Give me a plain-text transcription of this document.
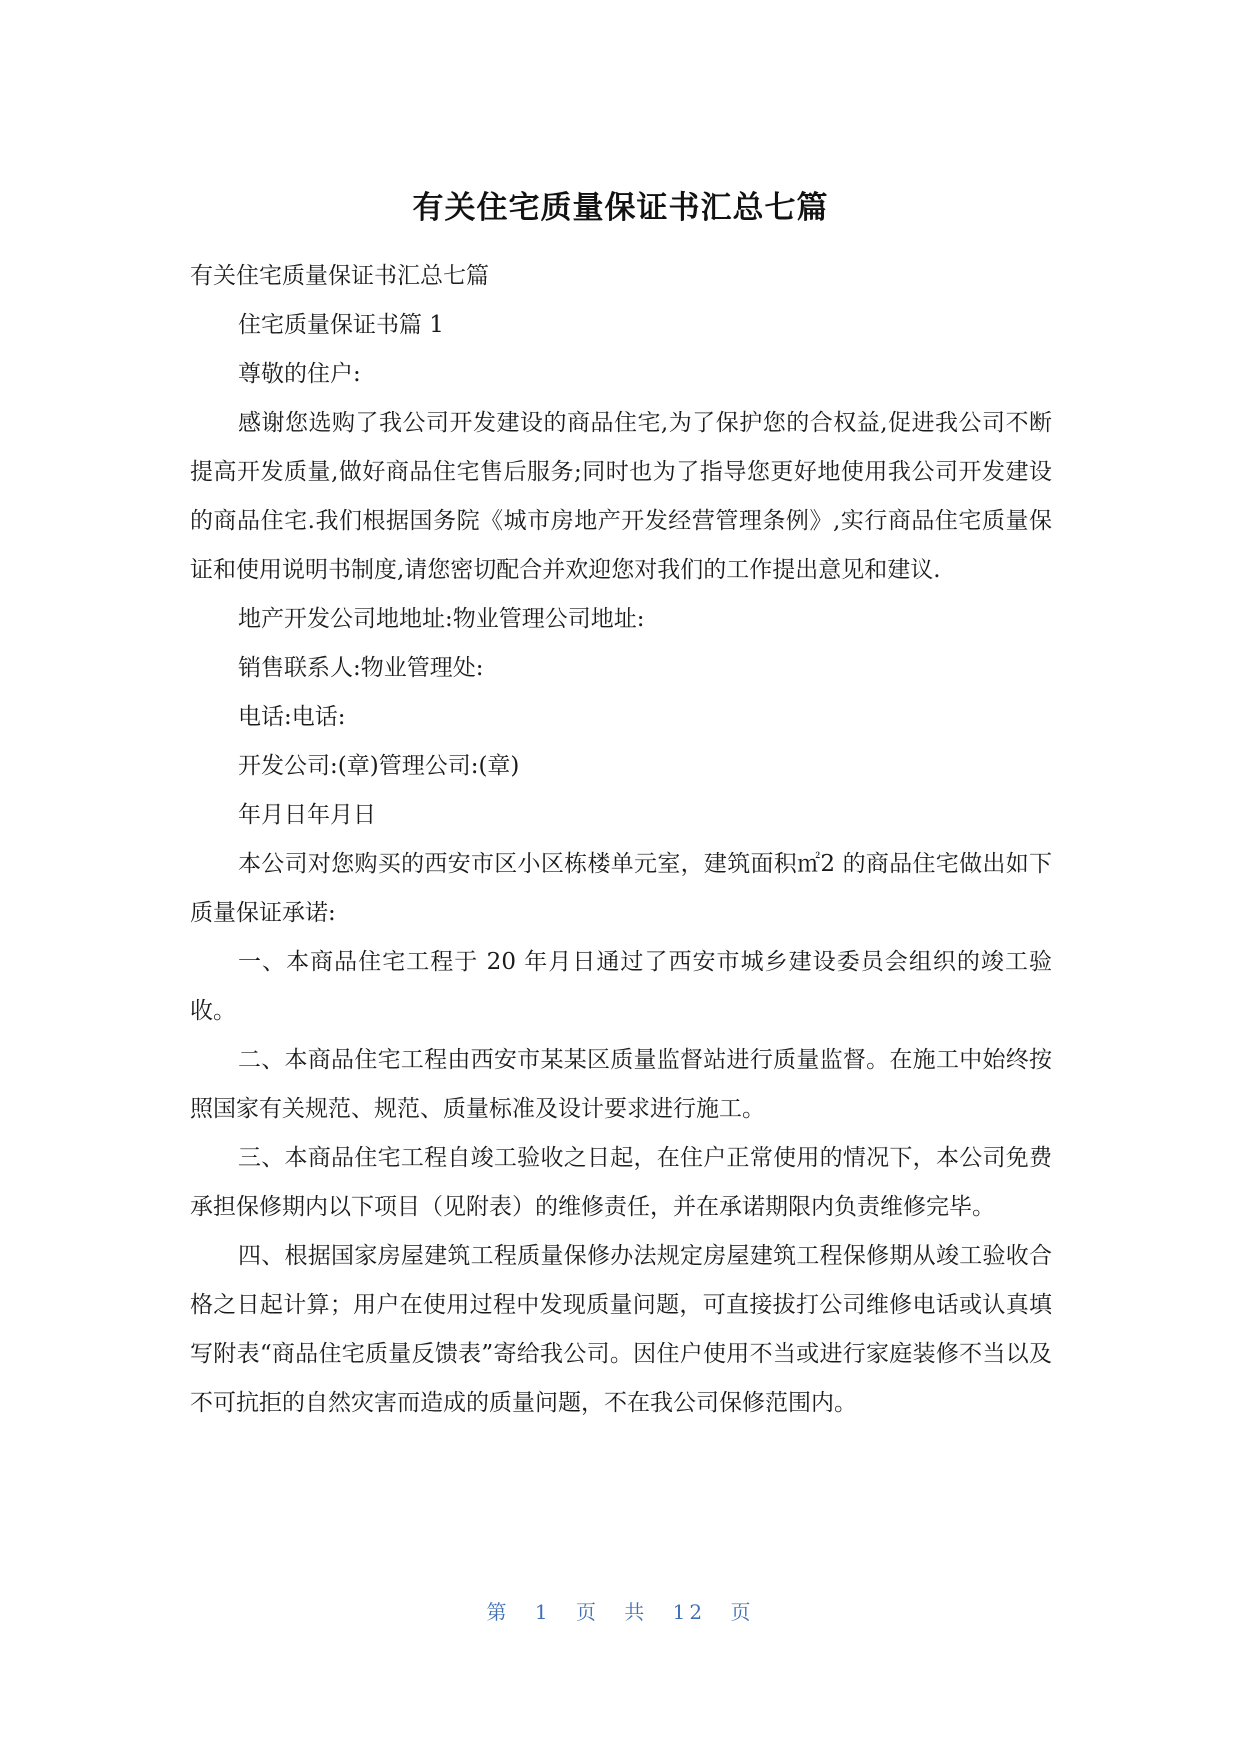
有关住宅质量保证书汇总七篇

有关住宅质量保证书汇总七篇

住宅质量保证书篇 1

尊敬的住户:

感谢您选购了我公司开发建设的商品住宅,为了保护您的合权益,促进我公司不断提高开发质量,做好商品住宅售后服务;同时也为了指导您更好地使用我公司开发建设的商品住宅.我们根据国务院《城市房地产开发经营管理条例》,实行商品住宅质量保证和使用说明书制度,请您密切配合并欢迎您对我们的工作提出意见和建议.

地产开发公司地地址:物业管理公司地址:

销售联系人:物业管理处:

电话:电话:

开发公司:(章)管理公司:(章)

年月日年月日

本公司对您购买的西安市区小区栋楼单元室，建筑面积㎡2 的商品住宅做出如下质量保证承诺:

一、本商品住宅工程于 20 年月日通过了西安市城乡建设委员会组织的竣工验收。

二、本商品住宅工程由西安市某某区质量监督站进行质量监督。在施工中始终按照国家有关规范、规范、质量标准及设计要求进行施工。

三、本商品住宅工程自竣工验收之日起，在住户正常使用的情况下，本公司免费承担保修期内以下项目（见附表）的维修责任，并在承诺期限内负责维修完毕。

四、根据国家房屋建筑工程质量保修办法规定房屋建筑工程保修期从竣工验收合格之日起计算；用户在使用过程中发现质量问题，可直接拔打公司维修电话或认真填写附表“商品住宅质量反馈表”寄给我公司。因住户使用不当或进行家庭装修不当以及不可抗拒的自然灾害而造成的质量问题，不在我公司保修范围内。

第 1 页 共 12 页
